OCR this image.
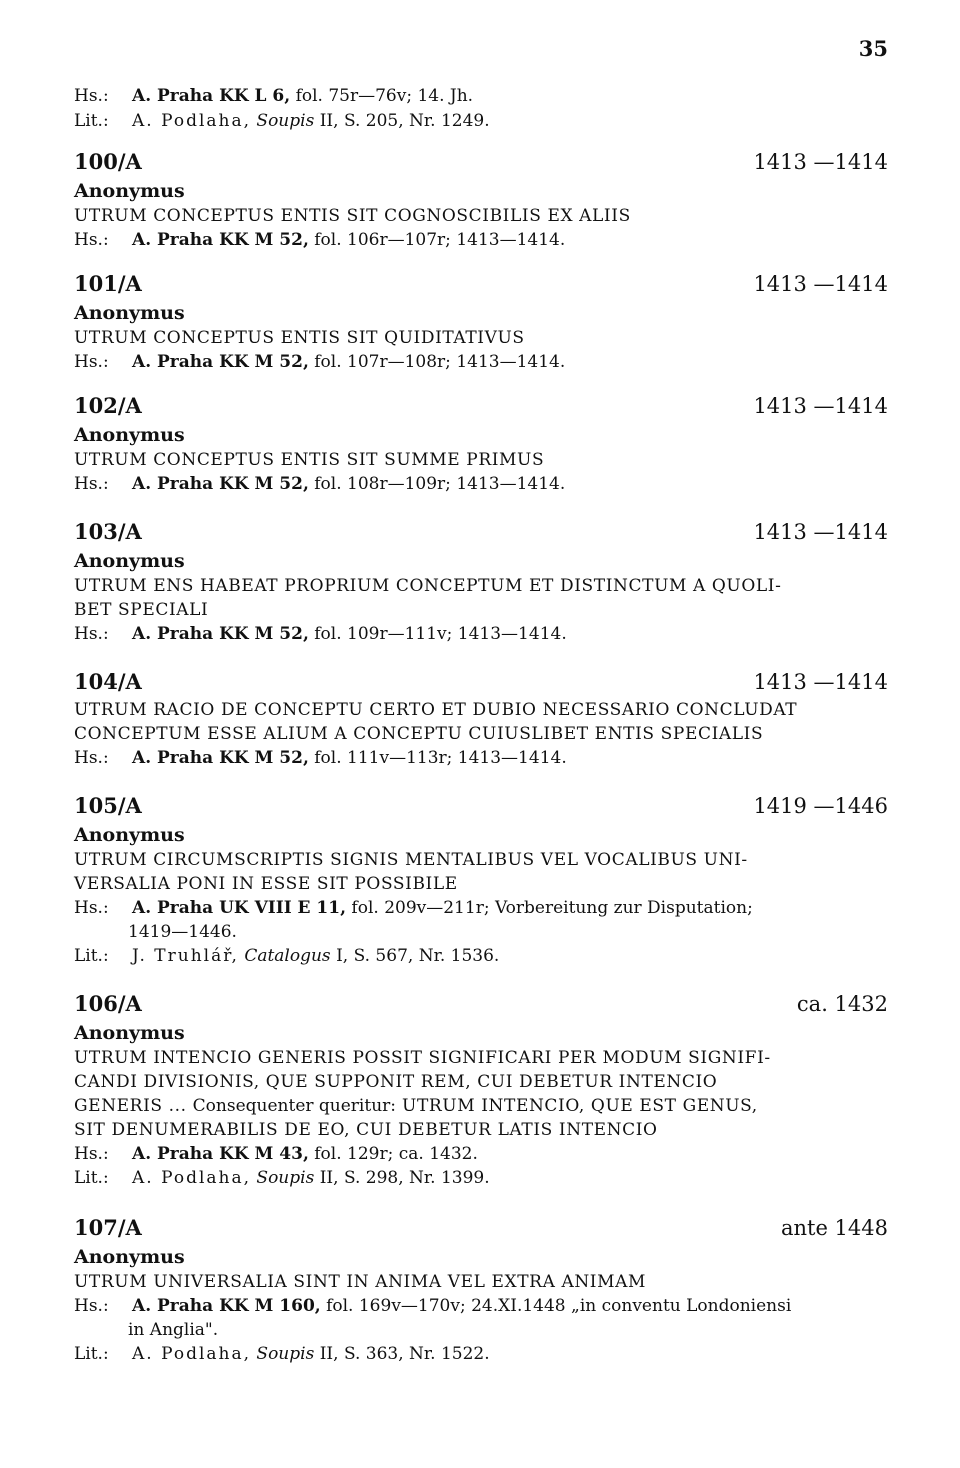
35
Hs.: A. Praha KK L 6, fol. 75r—76v; 14. Jh.
Lit.: A. Podlaha, Soupis II, S. 205, Nr. 1249.
100/A	1413 —1414
Anonymus
UTRUM CONCEPTUS ENTIS SIT COGNOSCIBILIS EX ALIIS
Hs.: A. Praha KK M 52, fol. 106r—107r; 1413—1414.
101/A	1413 —1414
Anonymus
UTRUM CONCEPTUS ENTIS SIT QUIDITATIVUS
Hs.: A. Praha KK M 52, fol. 107r—108r; 1413—1414.
102/A	1413 —1414
Anonymus
UTRUM CONCEPTUS ENTIS SIT SUMME PRIMUS
Hs.: A. Praha KK M 52, fol. 108r—109r; 1413—1414.
103/A	1413 —1414
Anonymus
UTRUM ENS HABEAT PROPRIUM CONCEPTUM ET DISTINCTUM A QUOLI-
BET SPECIALI
Hs.: A. Praha KK M 52, fol. 109r—111v; 1413—1414.
104/A	1413 —1414
UTRUM RACIO DE CONCEPTU CERTO ET DUBIO NECESSARIO CONCLUDAT
CONCEPTUM ESSE ALIUM A CONCEPTU CUIUSLIBET ENTIS SPECIALIS
Hs.: A. Praha KK M 52, fol. 111v—113r; 1413—1414.
105/A	1419 —1446
Anonymus
UTRUM CIRCUMSCRIPTIS SIGNIS MENTALIBUS VEL VOCALIBUS UNI-
VERSALIA PONI IN ESSE SIT POSSIBILE
Hs.: A. Praha UK VIII E 11, fol. 209v—211r; Vorbereitung zur Disputation;
1419—1446.
Lit.: J. Truhlář, Catalogus I, S. 567, Nr. 1536.
106/A	ca. 1432
Anonymus
UTRUM INTENCIO GENERIS POSSIT SIGNIFICARI PER MODUM SIGNIFI-
CANDI DIVISIONIS, QUE SUPPONIT REM, CUI DEBETUR INTENCIO
GENERIS ... Consequenter queritur: UTRUM INTENCIO, QUE EST GENUS,
SIT DENUMERABILIS DE EO, CUI DEBETUR LATIS INTENCIO
Hs.: A. Praha KK M 43, fol. 129r; ca. 1432.
Lit.: A. Podlaha, Soupis II, S. 298, Nr. 1399.
107/A	ante 1448
Anonymus
UTRUM UNIVERSALIA SINT IN ANIMA VEL EXTRA ANIMAM
Hs.: A. Praha KK M 160, fol. 169v—170v; 24.XI.1448 „in conventu Londoniensi
in Anglia".
Lit.: A. Podlaha, Soupis II, S. 363, Nr. 1522.
